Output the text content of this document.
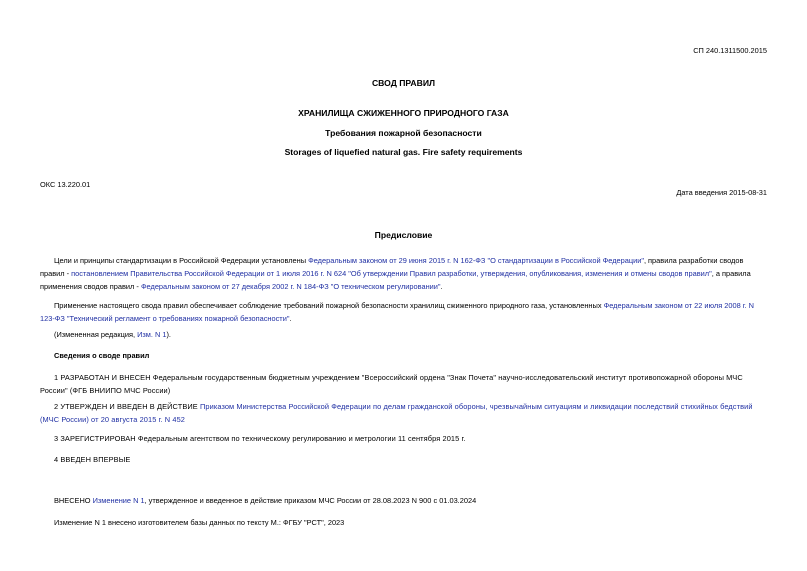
СП 240.1311500.2015
СВОД ПРАВИЛ
ХРАНИЛИЩА СЖИЖЕННОГО ПРИРОДНОГО ГАЗА
Требования пожарной безопасности
Storages of liquefied natural gas. Fire safety requirements
ОКС 13.220.01
Дата введения 2015-08-31
Предисловие
Цели и принципы стандартизации в Российской Федерации установлены Федеральным законом от 29 июня 2015 г. N 162-ФЗ "О стандартизации в Российской Федерации", правила разработки сводов правил - постановлением Правительства Российской Федерации от 1 июля 2016 г. N 624 "Об утверждении Правил разработки, утверждения, опубликования, изменения и отмены сводов правил", а правила применения сводов правил - Федеральным законом от 27 декабря 2002 г. N 184-ФЗ "О техническом регулировании".
Применение настоящего свода правил обеспечивает соблюдение требований пожарной безопасности хранилищ сжиженного природного газа, установленных Федеральным законом от 22 июля 2008 г. N 123-ФЗ "Технический регламент о требованиях пожарной безопасности".
(Измененная редакция, Изм. N 1).
Сведения о своде правил
1 РАЗРАБОТАН И ВНЕСЕН Федеральным государственным бюджетным учреждением "Всероссийский ордена "Знак Почета" научно-исследовательский институт противопожарной обороны МЧС России" (ФГБ ВНИИПО МЧС России)
2 УТВЕРЖДЕН И ВВЕДЕН В ДЕЙСТВИЕ Приказом Министерства Российской Федерации по делам гражданской обороны, чрезвычайным ситуациям и ликвидации последствий стихийных бедствий (МЧС России) от 20 августа 2015 г. N 452
3 ЗАРЕГИСТРИРОВАН Федеральным агентством по техническому регулированию и метрологии 11 сентября 2015 г.
4 ВВЕДЕН ВПЕРВЫЕ
ВНЕСЕНО Изменение N 1, утвержденное и введенное в действие приказом МЧС России от 28.08.2023 N 900 с 01.03.2024
Изменение N 1 внесено изготовителем базы данных по тексту М.: ФГБУ "РСТ", 2023
